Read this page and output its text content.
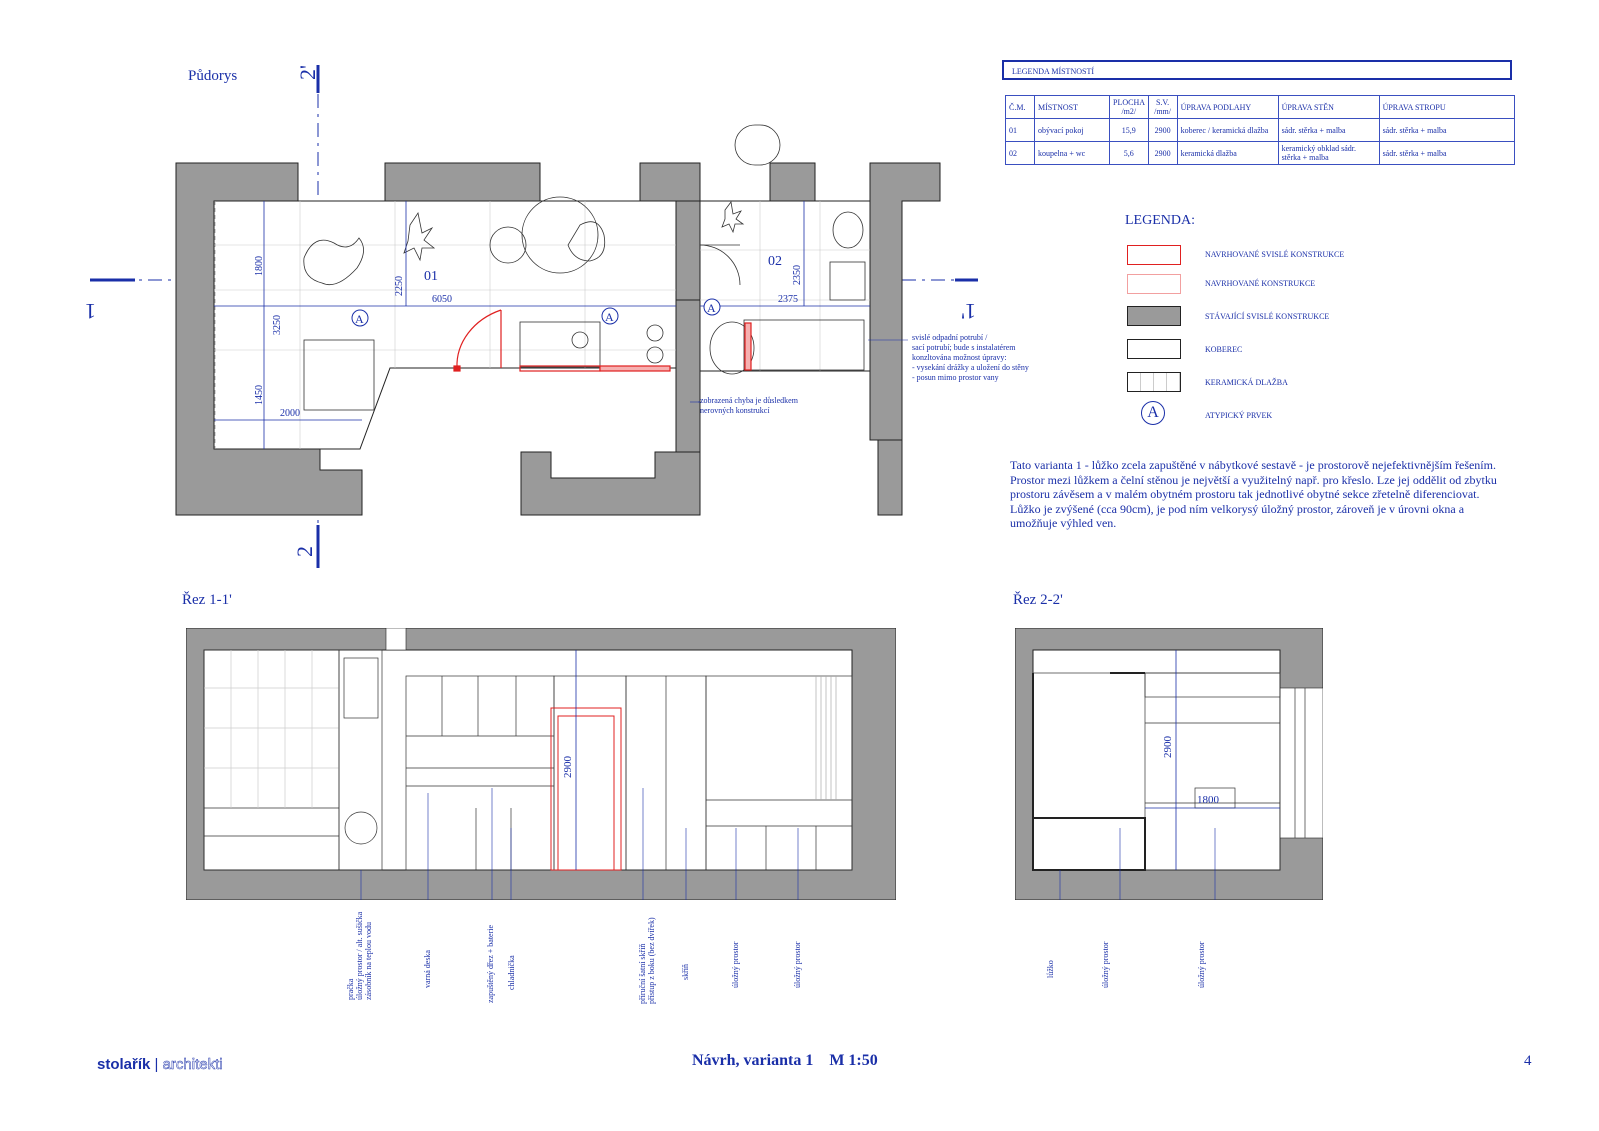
Půdorys
Řez 1-1'	Řez 2-2'
2'
2
1	1'
01
02
6050	2375
2000
1800
3250
2250
1450
2350
A	A
A
svislé odpadní potrubí /
sací potrubí; bude s instalatérem
konzltována možnost úpravy:
- vysekání drážky a uložení do stěny
- posun mimo prostor vany
zobrazená chyba je důsledkem
nerovných konstrukcí
LEGENDA MÍSTNOSTÍ
Č.M.	MÍSTNOST	PLOCHA /m2/	S.V. /mm/	ÚPRAVA PODLAHY	ÚPRAVA STĚN	ÚPRAVA STROPU
01	obývací pokoj	15,9	2900	koberec / keramická dlažba	sádr. stěrka + malba	sádr. stěrka + malba
02	koupelna + wc	5,6	2900	keramická dlažba	keramický obklad sádr. stěrka + malba	sádr. stěrka + malba
LEGENDA:
NAVRHOVANÉ SVISLÉ KONSTRUKCE
NAVRHOVANÉ KONSTRUKCE
STÁVAJÍCÍ SVISLÉ KONSTRUKCE
KOBEREC
KERAMICKÁ DLAŽBA
A	ATYPICKÝ PRVEK
Tato varianta 1 - lůžko zcela zapuštěné v nábytkové sestavě - je prostorově nejefektivnějším řešením. Prostor mezi lůžkem a čelní stěnou je největší a využitelný např. pro křeslo. Lze jej oddělit od zbytku prostoru závěsem a v malém obytném prostoru tak jednotlivé obytné sekce zřetelně diferenciovat. Lůžko je zvýšené (cca 90cm), je pod ním velkorysý úložný prostor, zároveň je v úrovni okna a umožňuje výhled ven.
2900
pračka
úložný prostor / alt. sušička
zásobník na teplou vodu
varná deska	zapuštěný dřez + baterie chladnička
příruční šatní skříň
přístup z boku (bez dvířek)
skříň	úložný prostor	úložný prostor
2900
1800
lůžko	úložný prostor	úložný prostor
stolařík | architekti	Návrh, varianta 1    M 1:50	4
